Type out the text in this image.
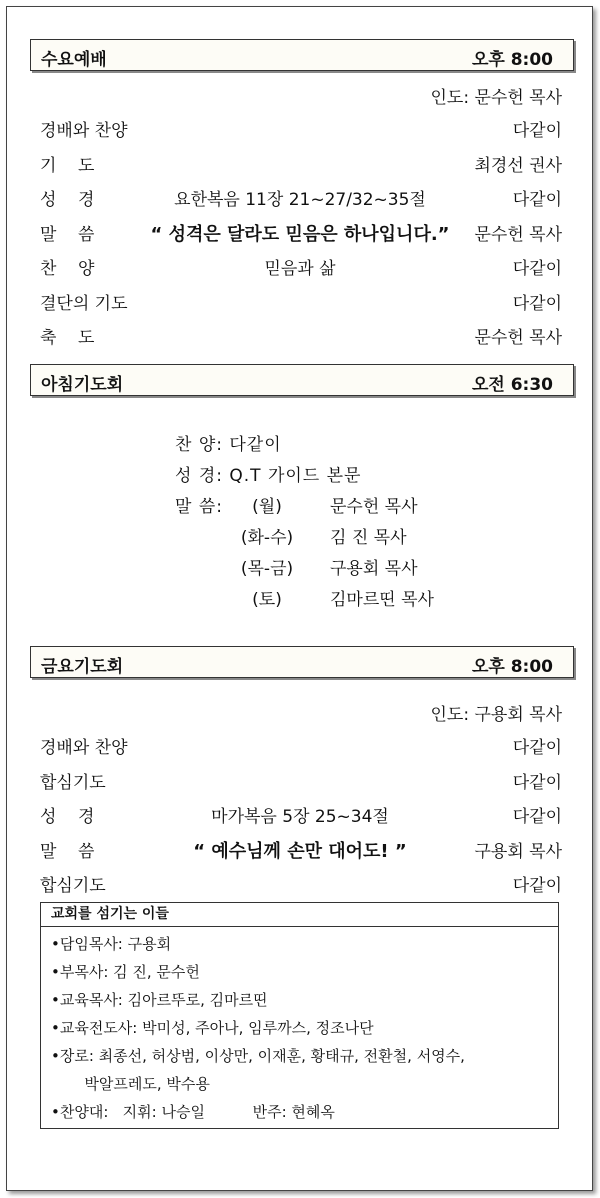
수요예배	오후 8:00
인도: 문수헌 목사
경배와 찬양	다같이
기    도	최경선 권사
성    경	요한복음 11장 21~27/32~35절	다같이
말    씀	“ 성격은 달라도 믿음은 하나입니다.”	문수헌 목사
찬    양	믿음과 삶	다같이
결단의 기도	다같이
축    도	문수헌 목사
아침기도회	오전 6:30
찬 양: 다같이
성 경: Q.T 가이드 본문
말 씀:	(월)	문수헌 목사
(화-수)	김 진 목사
(목-금)	구용회 목사
(토)	김마르띤 목사
금요기도회	오후 8:00
인도: 구용회 목사
경배와 찬양	다같이
합심기도	다같이
성    경	마가복음 5장 25~34절	다같이
말    씀	“ 예수님께 손만 대어도! ”	구용회 목사
합심기도	다같이
교회를 섬기는 이들
•담임목사: 구용회
•부목사: 김 진, 문수헌
•교육목사: 김아르뚜로, 김마르띤
•교육전도사: 박미성, 주아나, 임루까스, 정조나단
•장로: 최종선, 허상범, 이상만, 이재훈, 황태규, 전환철, 서영수,
박알프레도, 박수용
•찬양대:   지휘: 나승일          반주: 현혜옥
